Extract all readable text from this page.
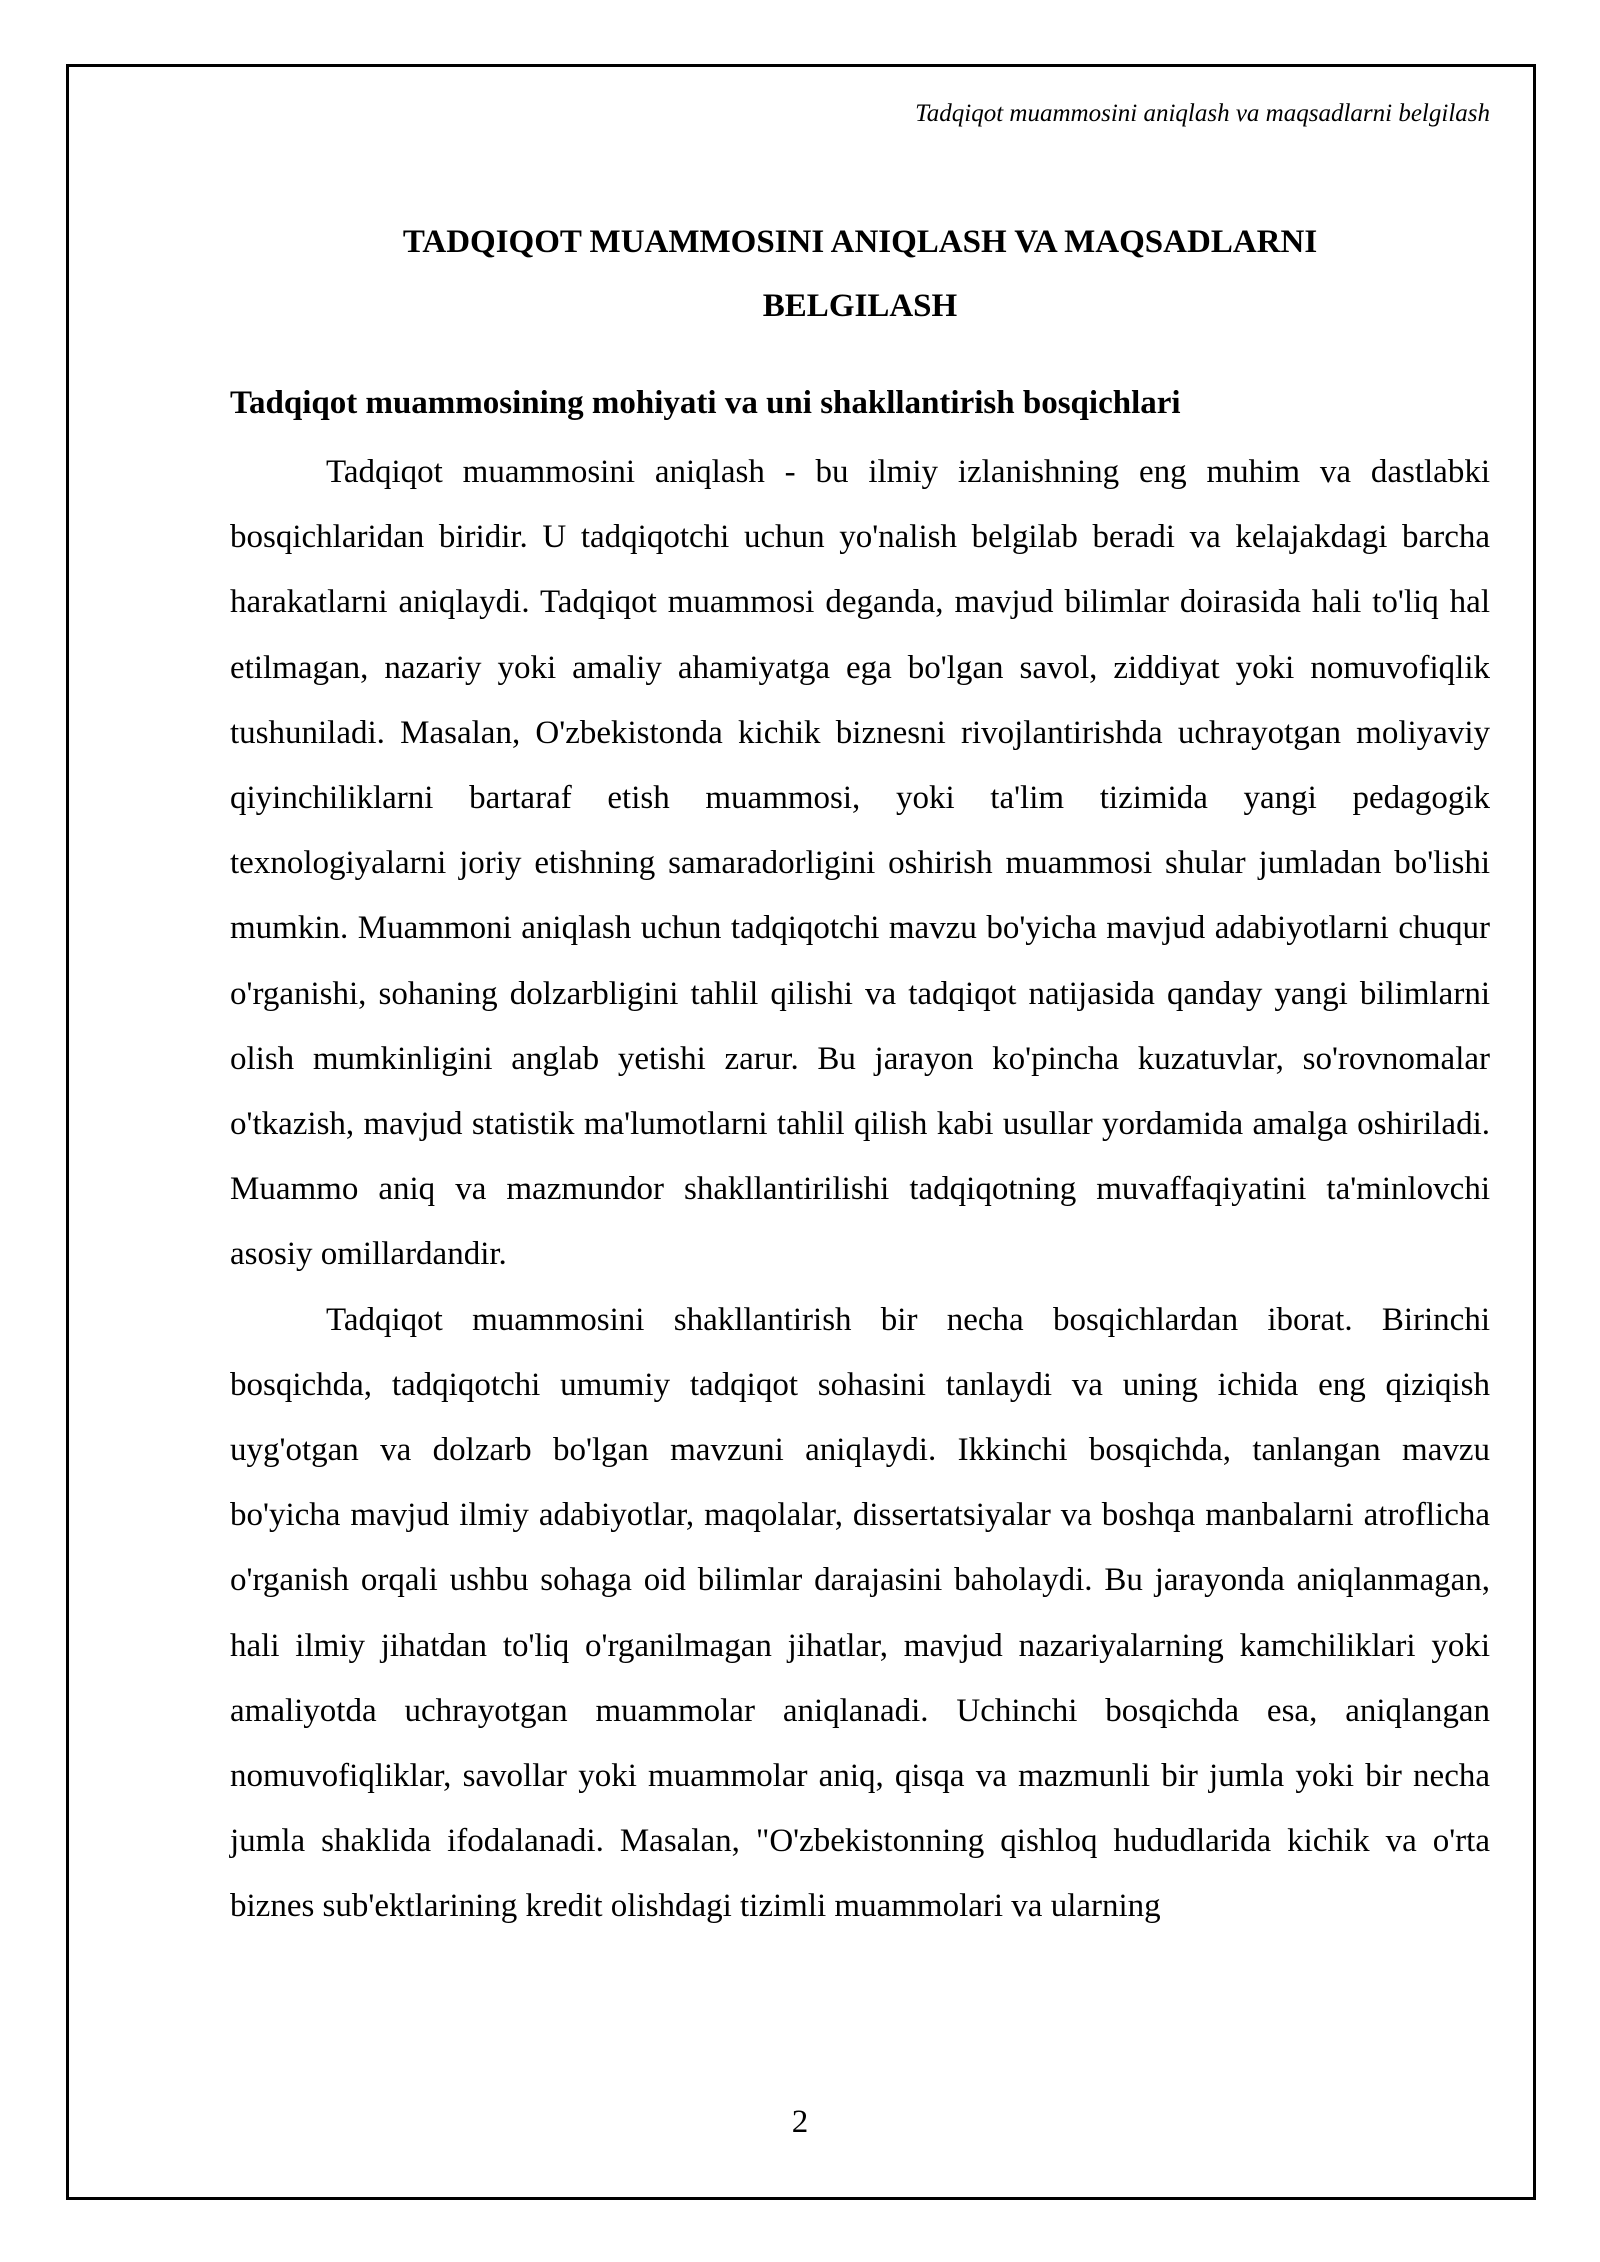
Tadqiqot muammosini aniqlash va maqsadlarni belgilash
TADQIQOT MUAMMOSINI ANIQLASH VA MAQSADLARNI
BELGILASH
Tadqiqot muammosining mohiyati va uni shakllantirish bosqichlari

Tadqiqot muammosini aniqlash - bu ilmiy izlanishning eng muhim va dastlabki bosqichlaridan biridir. U tadqiqotchi uchun yo'nalish belgilab beradi va kelajakdagi barcha harakatlarni aniqlaydi. Tadqiqot muammosi deganda, mavjud bilimlar doirasida hali to'liq hal etilmagan, nazariy yoki amaliy ahamiyatga ega bo'lgan savol, ziddiyat yoki nomuvofiqlik tushuniladi. Masalan, O'zbekistonda kichik biznesni rivojlantirishda uchrayotgan moliyaviy qiyinchiliklarni bartaraf etish muammosi, yoki ta'lim tizimida yangi pedagogik texnologiyalarni joriy etishning samaradorligini oshirish muammosi shular jumladan bo'lishi mumkin. Muammoni aniqlash uchun tadqiqotchi mavzu bo'yicha mavjud adabiyotlarni chuqur o'rganishi, sohaning dolzarbligini tahlil qilishi va tadqiqot natijasida qanday yangi bilimlarni olish mumkinligini anglab yetishi zarur. Bu jarayon ko'pincha kuzatuvlar, so'rovnomalar o'tkazish, mavjud statistik ma'lumotlarni tahlil qilish kabi usullar yordamida amalga oshiriladi. Muammo aniq va mazmundor shakllantirilishi tadqiqotning muvaffaqiyatini ta'minlovchi asosiy omillardandir.

Tadqiqot muammosini shakllantirish bir necha bosqichlardan iborat. Birinchi bosqichda, tadqiqotchi umumiy tadqiqot sohasini tanlaydi va uning ichida eng qiziqish uyg'otgan va dolzarb bo'lgan mavzuni aniqlaydi. Ikkinchi bosqichda, tanlangan mavzu bo'yicha mavjud ilmiy adabiyotlar, maqolalar, dissertatsiyalar va boshqa manbalarni atroflicha o'rganish orqali ushbu sohaga oid bilimlar darajasini baholaydi. Bu jarayonda aniqlanmagan, hali ilmiy jihatdan to'liq o'rganilmagan jihatlar, mavjud nazariyalarning kamchiliklari yoki amaliyotda uchrayotgan muammolar aniqlanadi. Uchinchi bosqichda esa, aniqlangan nomuvofiqliklar, savollar yoki muammolar aniq, qisqa va mazmunli bir jumla yoki bir necha jumla shaklida ifodalanadi. Masalan, "O'zbekistonning qishloq hududlarida kichik va o'rta biznes sub'ektlarining kredit olishdagi tizimli muammolari va ularning

2
